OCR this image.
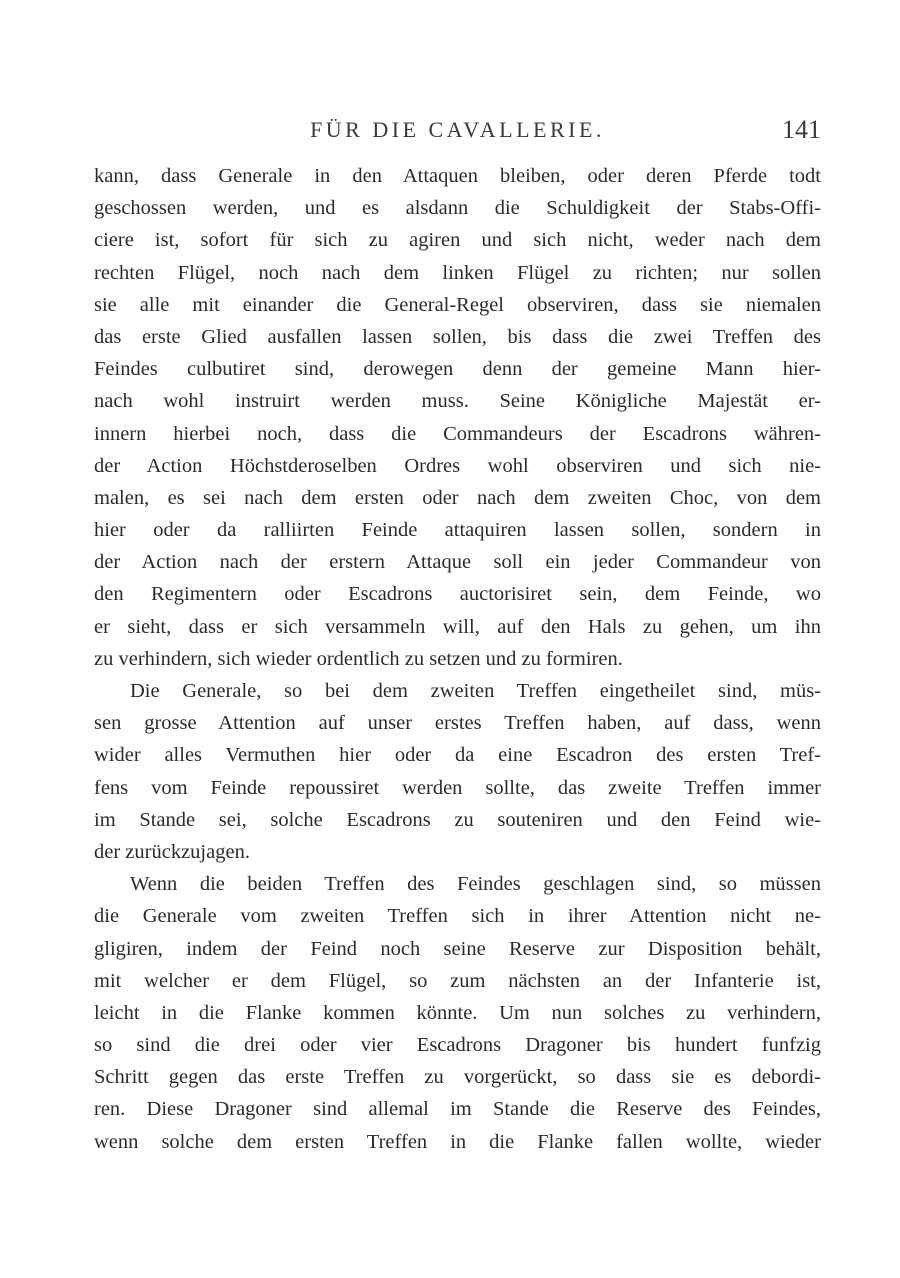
FÜR DIE CAVALLERIE.	141
kann, dass Generale in den Attaquen bleiben, oder deren Pferde todt
geschossen werden, und es alsdann die Schuldigkeit der Stabs-Offi-
ciere ist, sofort für sich zu agiren und sich nicht, weder nach dem
rechten Flügel, noch nach dem linken Flügel zu richten; nur sollen
sie alle mit einander die General-Regel observiren, dass sie niemalen
das erste Glied ausfallen lassen sollen, bis dass die zwei Treffen des
Feindes culbutiret sind, derowegen denn der gemeine Mann hier-
nach wohl instruirt werden muss. Seine Königliche Majestät er-
innern hierbei noch, dass die Commandeurs der Escadrons währen-
der Action Höchstderoselben Ordres wohl observiren und sich nie-
malen, es sei nach dem ersten oder nach dem zweiten Choc, von dem
hier oder da ralliirten Feinde attaquiren lassen sollen, sondern in
der Action nach der erstern Attaque soll ein jeder Commandeur von
den Regimentern oder Escadrons auctorisiret sein, dem Feinde, wo
er sieht, dass er sich versammeln will, auf den Hals zu gehen, um ihn
zu verhindern, sich wieder ordentlich zu setzen und zu formiren.
Die Generale, so bei dem zweiten Treffen eingetheilet sind, müs-
sen grosse Attention auf unser erstes Treffen haben, auf dass, wenn
wider alles Vermuthen hier oder da eine Escadron des ersten Tref-
fens vom Feinde repoussiret werden sollte, das zweite Treffen immer
im Stande sei, solche Escadrons zu souteniren und den Feind wie-
der zurückzujagen.
Wenn die beiden Treffen des Feindes geschlagen sind, so müssen
die Generale vom zweiten Treffen sich in ihrer Attention nicht ne-
gligiren, indem der Feind noch seine Reserve zur Disposition behält,
mit welcher er dem Flügel, so zum nächsten an der Infanterie ist,
leicht in die Flanke kommen könnte. Um nun solches zu verhindern,
so sind die drei oder vier Escadrons Dragoner bis hundert funfzig
Schritt gegen das erste Treffen zu vorgerückt, so dass sie es debordi-
ren. Diese Dragoner sind allemal im Stande die Reserve des Feindes,
wenn solche dem ersten Treffen in die Flanke fallen wollte, wieder
